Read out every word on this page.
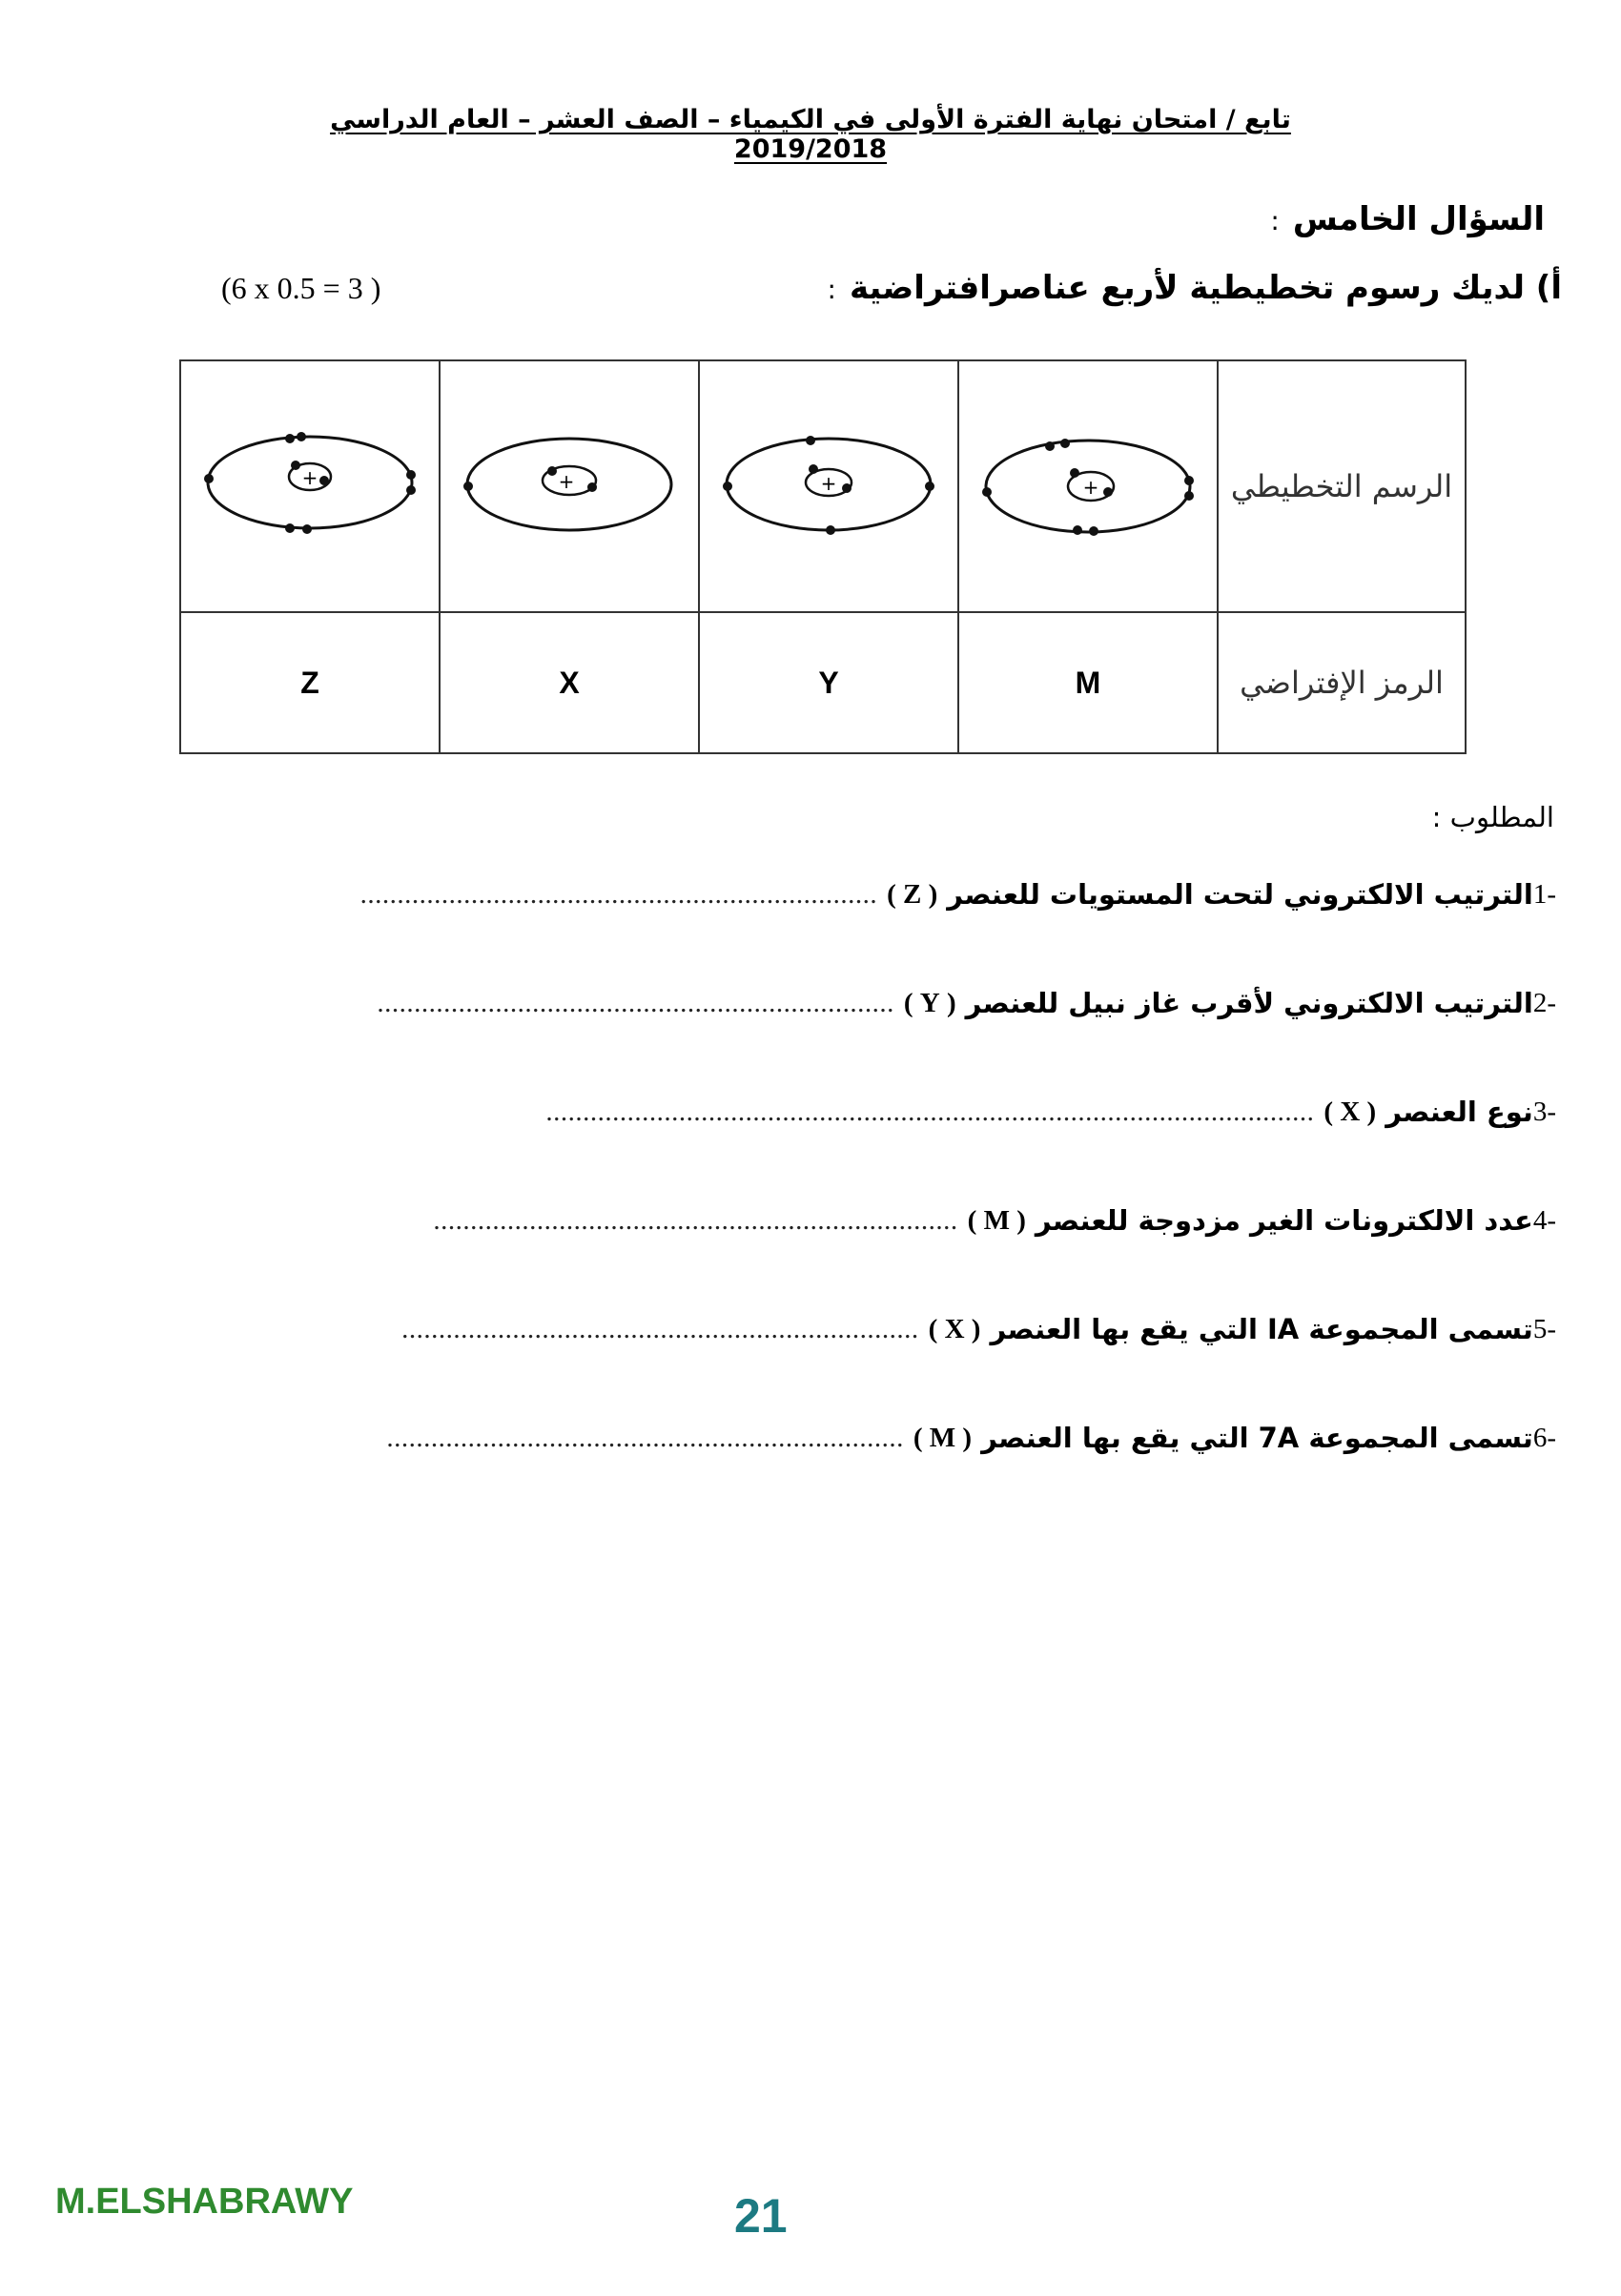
تابع / امتحان نهاية الفترة الأولى في الكيمياء – الصف العشر – العام الدراسي 2019/2018
السؤال الخامس:
أ) لديك رسوم تخطيطية لأربع عناصرافتراضية:
(6 x 0.5 = 3 )
+	+	+	+	الرسم التخطيطي
Z	X	Y	M	الرمز الإفتراضي
المطلوب :
-1
الترتيب الالكتروني لتحت المستويات للعنصر
( Z )
......................................................................
-2
الترتيب الالكتروني لأقرب غاز نبيل للعنصر
( Y )
......................................................................
-3
نوع العنصر
( X )
........................................................................................................
-4
عدد الالكترونات الغير مزدوجة للعنصر
( M )
.......................................................................
-5
تسمى المجموعة IA التي يقع بها العنصر
( X )
......................................................................
-6
تسمى المجموعة 7A التي يقع بها العنصر
( M )
......................................................................
M.ELSHABRAWY	21
